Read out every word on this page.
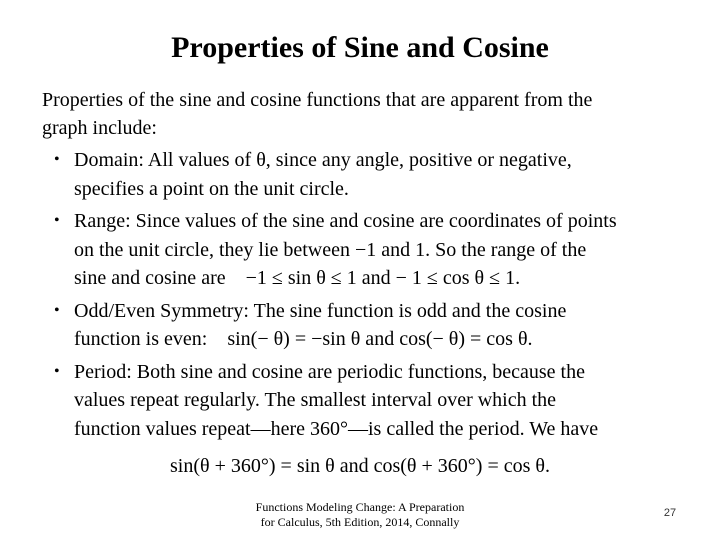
Properties of Sine and Cosine
Properties of the sine and cosine functions that are apparent from the
graph include:
• Domain: All values of θ, since any angle, positive or negative,
specifies a point on the unit circle.
• Range: Since values of the sine and cosine are coordinates of points
on the unit circle, they lie between −1 and 1. So the range of the
sine and cosine are −1 ≤ sin θ ≤ 1 and − 1 ≤ cos θ ≤ 1.
• Odd/Even Symmetry: The sine function is odd and the cosine
function is even: sin(− θ) = −sin θ and cos(− θ) = cos θ.
• Period: Both sine and cosine are periodic functions, because the
values repeat regularly. The smallest interval over which the
function values repeat—here 360°—is called the period. We have
sin(θ + 360°) = sin θ and cos(θ + 360°) = cos θ.
Functions Modeling Change: A Preparation
for Calculus, 5th Edition, 2014, Connally
27
